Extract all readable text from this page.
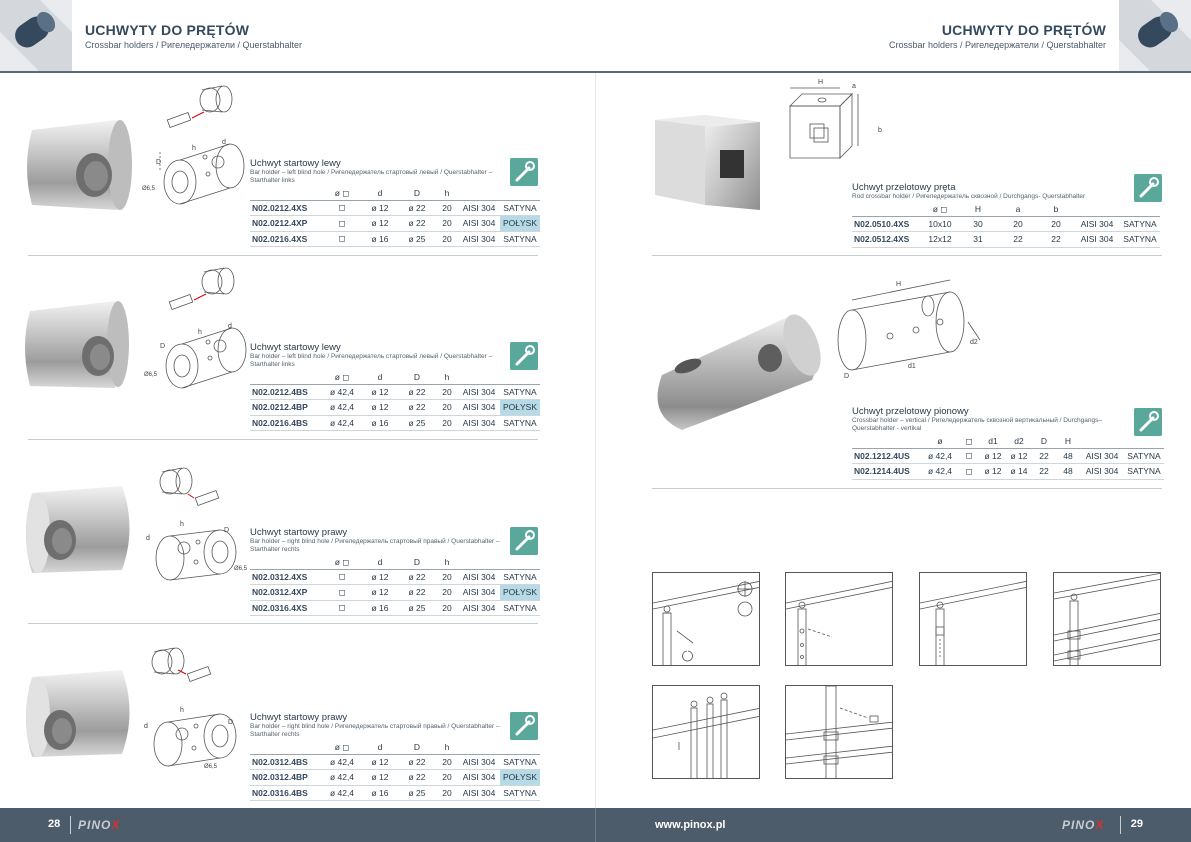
UCHWYTY DO PRĘTÓW
Crossbar holders / Ригеледержатели / Querstabhalter
UCHWYTY DO PRĘTÓW
Crossbar holders / Ригеледержатели / Querstabhalter
h
d
D
Ø6,5
h
d
D
Ø6,5
h
d
D
Ø6,5
h
d
D
Ø6,5
Uchwyt startowy lewy
Bar holder – left blind hole / Ригеледержатель стартовый левый / Querstabhalter – Starthalter links
	ø ◻	d	D	h		
N02.0212.4XS	◻	ø 12	ø 22	20	AISI 304	SATYNA
N02.0212.4XP	◻	ø 12	ø 22	20	AISI 304	POŁYSK
N02.0216.4XS	◻	ø 16	ø 25	20	AISI 304	SATYNA
Uchwyt startowy lewy
Bar holder – left blind hole / Ригеледержатель стартовый левый / Querstabhalter – Starthalter links
	ø ◻	d	D	h		
N02.0212.4BS	ø 42,4	ø 12	ø 22	20	AISI 304	SATYNA
N02.0212.4BP	ø 42,4	ø 12	ø 22	20	AISI 304	POŁYSK
N02.0216.4BS	ø 42,4	ø 16	ø 25	20	AISI 304	SATYNA
Uchwyt startowy prawy
Bar holder – right blind hole / Ригеледержатель стартовый правый / Querstabhalter – Starthalter rechts
	ø ◻	d	D	h		
N02.0312.4XS	◻	ø 12	ø 22	20	AISI 304	SATYNA
N02.0312.4XP	◻	ø 12	ø 22	20	AISI 304	POŁYSK
N02.0316.4XS	◻	ø 16	ø 25	20	AISI 304	SATYNA
Uchwyt startowy prawy
Bar holder – right blind hole / Ригеледержатель стартовый правый / Querstabhalter – Starthalter rechts
	ø ◻	d	D	h		
N02.0312.4BS	ø 42,4	ø 12	ø 22	20	AISI 304	SATYNA
N02.0312.4BP	ø 42,4	ø 12	ø 22	20	AISI 304	POŁYSK
N02.0316.4BS	ø 42,4	ø 16	ø 25	20	AISI 304	SATYNA
H
a
b
H
d2
d1
D
Uchwyt przelotowy pręta
Rod crossbar holder / Ригеледержатель сквозной / Durchgangs- Querstabhalter
	ø ◻	H	a	b		
N02.0510.4XS	10x10	30	20	20	AISI 304	SATYNA
N02.0512.4XS	12x12	31	22	22	AISI 304	SATYNA
Uchwyt przelotowy pionowy
Crossbar holder – vertical / Ригеледержатель сквозной вертикальный / Durchgangs– Querstabhalter - vertikal
	ø	◻	d1	d2	D	H		
N02.1212.4US	ø 42,4	◻	ø 12	ø 12	22	48	AISI 304	SATYNA
N02.1214.4US	ø 42,4	◻	ø 12	ø 14	22	48	AISI 304	SATYNA
28 PINOX	www.pinox.pl	PINOX 29
